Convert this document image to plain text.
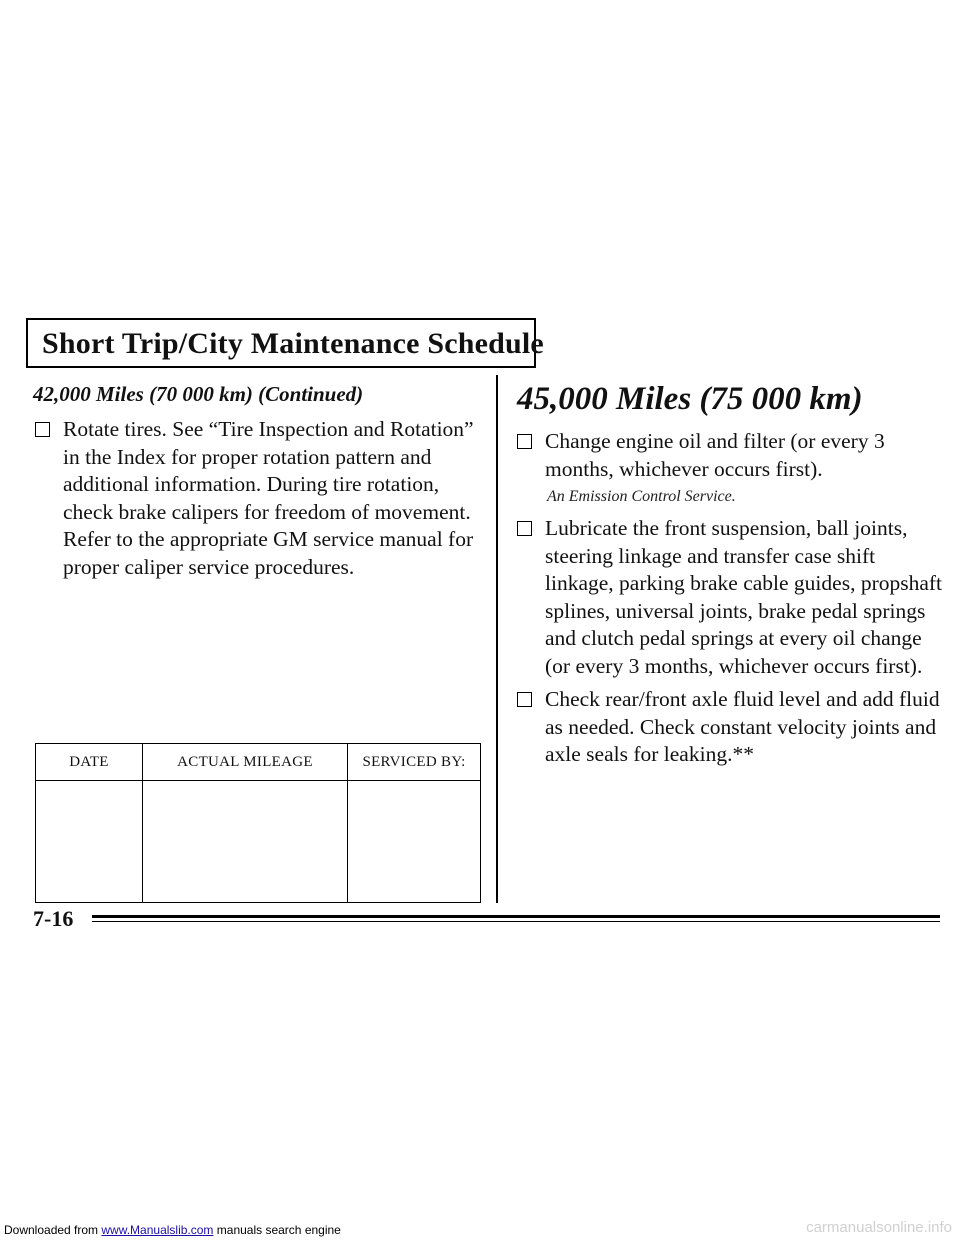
Short Trip/City Maintenance Schedule
42,000 Miles (70 000 km) (Continued)
Rotate tires. See “Tire Inspection and Rotation” in the Index for proper rotation pattern and additional information. During tire rotation, check brake calipers for freedom of movement. Refer to the appropriate GM service manual for proper caliper service procedures.
45,000 Miles (75 000 km)
Change engine oil and filter (or every 3 months, whichever occurs first).
An Emission Control Service.
Lubricate the front suspension, ball joints, steering linkage and transfer case shift linkage, parking brake cable guides, propshaft splines, universal joints, brake pedal springs and clutch pedal springs at every oil change (or every 3 months, whichever occurs first).
Check rear/front axle fluid level and add fluid as needed. Check constant velocity joints and axle seals for leaking.**
DATE	ACTUAL MILEAGE	SERVICED BY:

7-16
Downloaded from www.Manualslib.com manuals search engine	carmanualsonline.info
